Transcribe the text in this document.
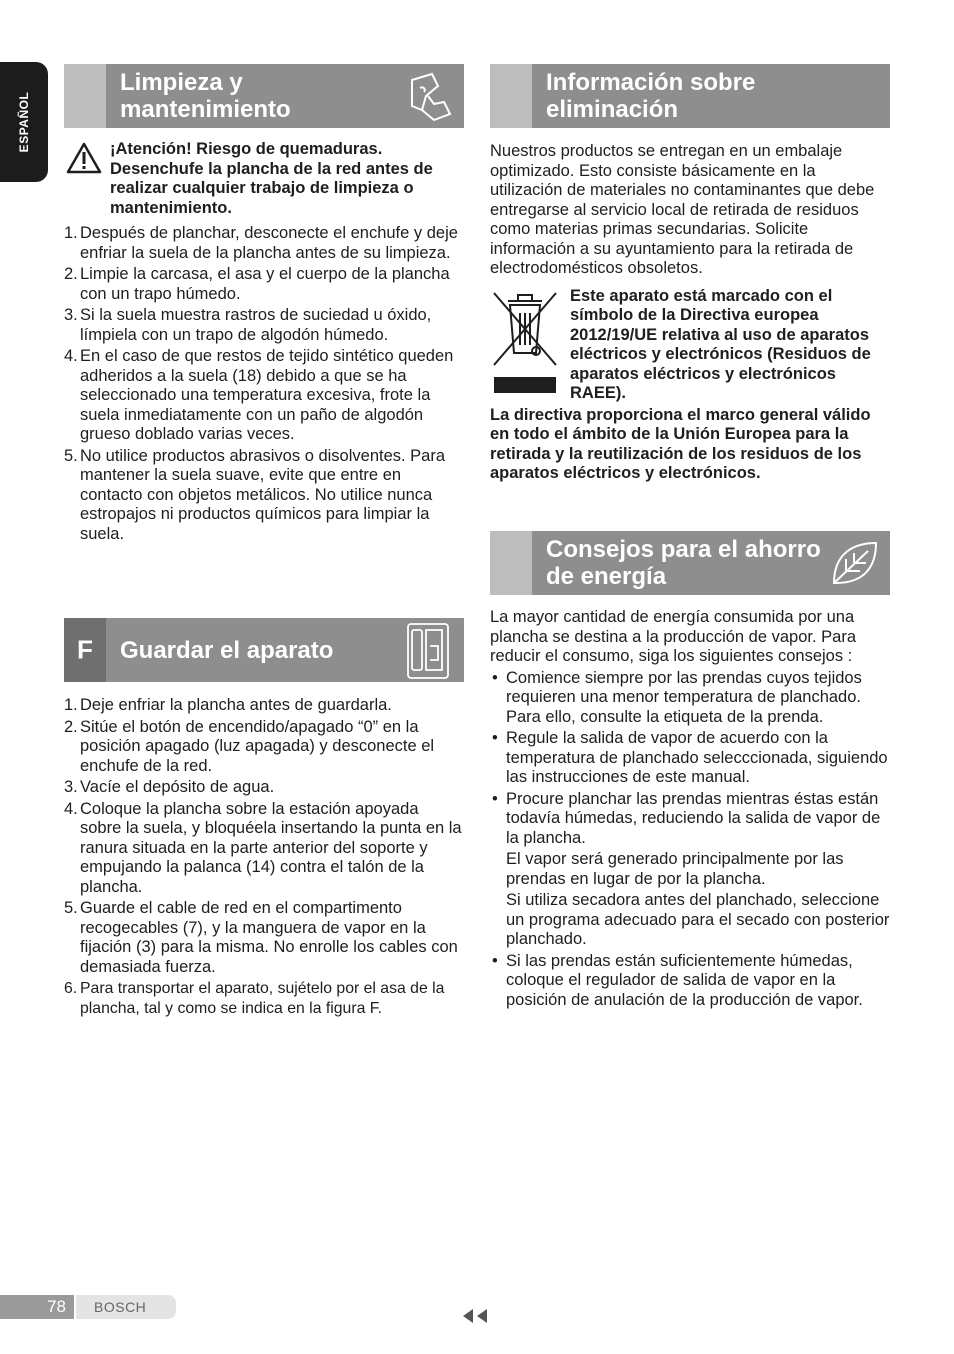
ESPAÑOL
Limpieza y mantenimiento

¡Atención! Riesgo de quemaduras.

Desenchufe la plancha de la red antes de realizar cualquier trabajo de limpieza o mantenimiento.

1. Después de planchar, desconecte el enchufe y deje enfriar la suela de la plancha antes de su limpieza.
2. Limpie la carcasa, el asa y el cuerpo de la plancha con un trapo húmedo.
3. Si la suela muestra rastros de suciedad u óxido, límpiela con un trapo de algodón húmedo.
4. En el caso de que restos de tejido sintético queden adheridos a la suela (18) debido a que se ha seleccionado una temperatura excesiva, frote la suela inmediatamente con un paño de algodón grueso doblado varias veces.
5. No utilice productos abrasivos o disolventes. Para mantener la suela suave, evite que entre en contacto con objetos metálicos. No utilice nunca estropajos ni productos químicos para limpiar la suela.
F	Guardar el aparato
1. Deje enfriar la plancha antes de guardarla.
2. Sitúe el botón de encendido/apagado “0” en la posición apagado (luz apagada) y desconecte el enchufe de la red.
3. Vacíe el depósito de agua.
4. Coloque la plancha sobre la estación apoyada sobre la suela, y bloquéela insertando la punta en la ranura situada en la parte anterior del soporte y empujando la palanca (14) contra el talón de la plancha.
5. Guarde el cable de red en el compartimento recogecables (7), y la manguera de vapor en la fijación (3) para la misma. No enrolle los cables con demasiada fuerza.
6. Para transportar el aparato, sujételo por el asa de la plancha, tal y como se indica en la figura F.
Información sobre eliminación

Nuestros productos se entregan en un embalaje optimizado. Esto consiste básicamente en la utilización de materiales no contaminantes que debe entregarse al servicio local de retirada de residuos como materias primas secundarias. Solicite información a su ayuntamiento para la retirada de electrodomésticos obsoletos.

Este aparato está marcado con el símbolo de la Directiva europea 2012/19/UE relativa al uso de aparatos eléctricos y electrónicos (Residuos de aparatos eléctricos y electrónicos RAEE).

La directiva proporciona el marco general válido en todo el ámbito de la Unión Europea para la retirada y la reutilización de los residuos de los aparatos eléctricos y electrónicos.

Consejos para el ahorro de energía

La mayor cantidad de energía consumida por una plancha se destina a la producción de vapor. Para reducir el consumo, siga los siguientes consejos :

• Comience siempre por las prendas cuyos tejidos requieren una menor temperatura de planchado. Para ello, consulte la etiqueta de la prenda.
• Regule la salida de vapor de acuerdo con la temperatura de planchado selecccionada, siguiendo las instrucciones de este manual.
• Procure planchar las prendas mientras éstas están todavía húmedas, reduciendo la salida de vapor de la plancha.

El vapor será generado principalmente por las prendas en lugar de por la plancha.

Si utiliza secadora antes del planchado, seleccione un programa adecuado para el secado con posterior planchado.

• Si las prendas están suficientemente húmedas, coloque el regulador de salida de vapor en la posición de anulación de la producción de vapor.
78	BOSCH
